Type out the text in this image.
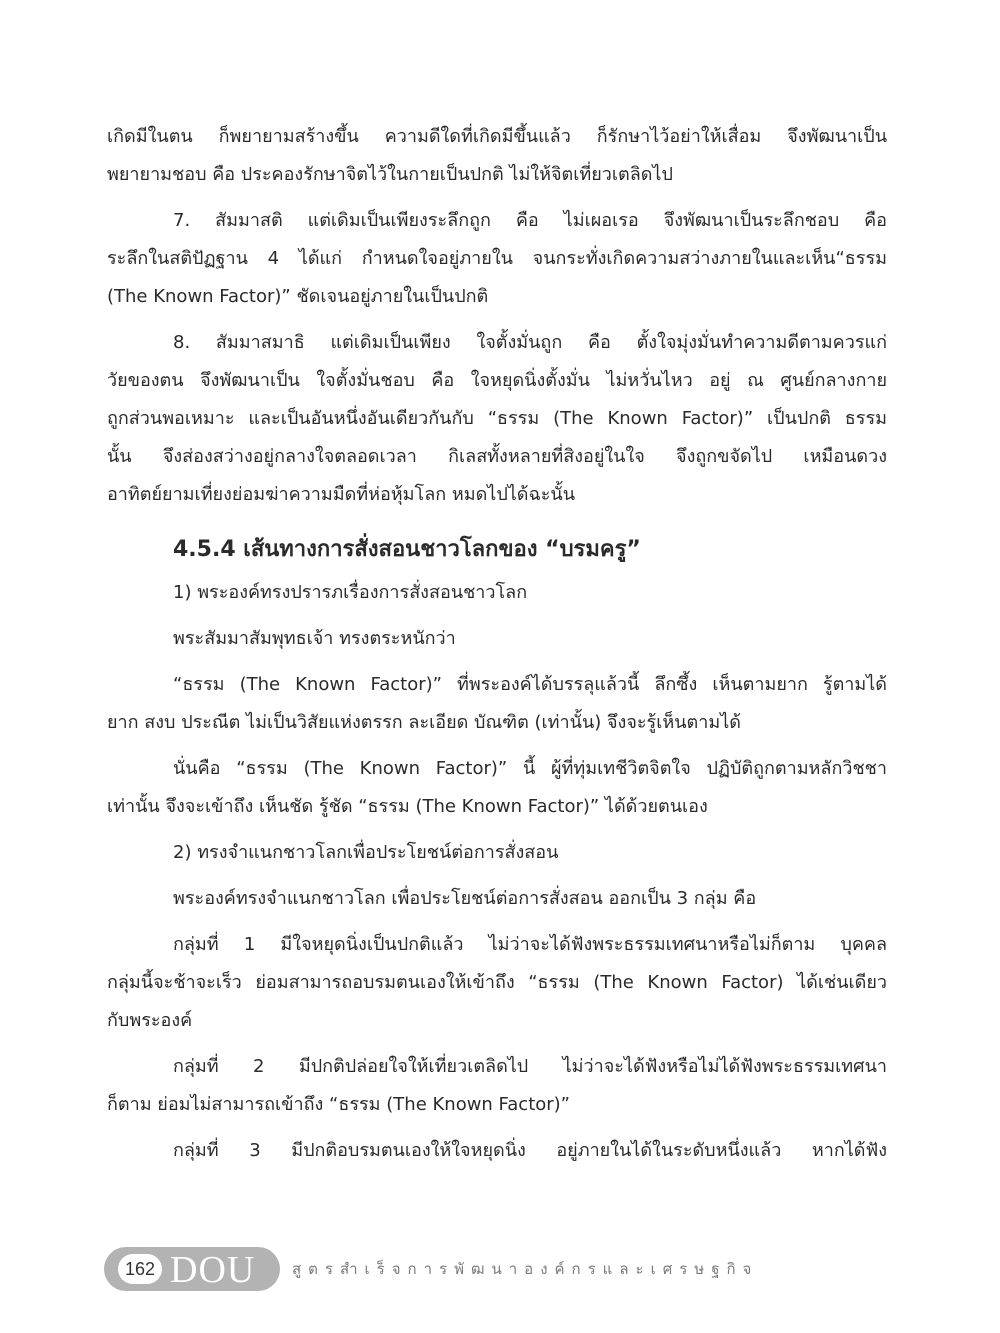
เกิดมีในตน ก็พยายามสร้างขึ้น ความดีใดที่เกิดมีขึ้นแล้ว ก็รักษาไว้อย่าให้เสื่อม จึงพัฒนาเป็น
พยายามชอบ คือ ประคองรักษาจิตไว้ในกายเป็นปกติ ไม่ให้จิตเที่ยวเตลิดไป
7. สัมมาสติ แต่เดิมเป็นเพียงระลึกถูก คือ ไม่เผอเรอ จึงพัฒนาเป็นระลึกชอบ คือ
ระลึกในสติปัฏฐาน 4 ได้แก่ กำหนดใจอยู่ภายใน จนกระทั่งเกิดความสว่างภายในและเห็น“ธรรม
(The Known Factor)” ชัดเจนอยู่ภายในเป็นปกติ
8. สัมมาสมาธิ แต่เดิมเป็นเพียง ใจตั้งมั่นถูก คือ ตั้งใจมุ่งมั่นทำความดีตามควรแก่
วัยของตน จึงพัฒนาเป็น ใจตั้งมั่นชอบ คือ ใจหยุดนิ่งตั้งมั่น ไม่หวั่นไหว อยู่ ณ ศูนย์กลางกาย
ถูกส่วนพอเหมาะ และเป็นอันหนึ่งอันเดียวกันกับ “ธรรม (The Known Factor)” เป็นปกติ ธรรม
นั้น จึงส่องสว่างอยู่กลางใจตลอดเวลา กิเลสทั้งหลายที่สิงอยู่ในใจ จึงถูกขจัดไป เหมือนดวง
อาทิตย์ยามเที่ยงย่อมฆ่าความมืดที่ห่อหุ้มโลก หมดไปได้ฉะนั้น
4.5.4 เส้นทางการสั่งสอนชาวโลกของ “บรมครู”
1) พระองค์ทรงปรารภเรื่องการสั่งสอนชาวโลก
พระสัมมาสัมพุทธเจ้า ทรงตระหนักว่า
“ธรรม (The Known Factor)” ที่พระองค์ได้บรรลุแล้วนี้ ลึกซึ้ง เห็นตามยาก รู้ตามได้
ยาก สงบ ประณีต ไม่เป็นวิสัยแห่งตรรก ละเอียด บัณฑิต (เท่านั้น) จึงจะรู้เห็นตามได้
นั่นคือ “ธรรม (The Known Factor)” นี้ ผู้ที่ทุ่มเทชีวิตจิตใจ ปฏิบัติถูกตามหลักวิชชา
เท่านั้น จึงจะเข้าถึง เห็นชัด รู้ชัด “ธรรม (The Known Factor)” ได้ด้วยตนเอง
2) ทรงจำแนกชาวโลกเพื่อประโยชน์ต่อการสั่งสอน
พระองค์ทรงจำแนกชาวโลก เพื่อประโยชน์ต่อการสั่งสอน ออกเป็น 3 กลุ่ม คือ
กลุ่มที่ 1 มีใจหยุดนิ่งเป็นปกติแล้ว ไม่ว่าจะได้ฟังพระธรรมเทศนาหรือไม่ก็ตาม บุคคล
กลุ่มนี้จะช้าจะเร็ว ย่อมสามารถอบรมตนเองให้เข้าถึง “ธรรม (The Known Factor) ได้เช่นเดียว
กับพระองค์
กลุ่มที่ 2 มีปกติปล่อยใจให้เที่ยวเตลิดไป ไม่ว่าจะได้ฟังหรือไม่ได้ฟังพระธรรมเทศนา
ก็ตาม ย่อมไม่สามารถเข้าถึง “ธรรม (The Known Factor)”
กลุ่มที่ 3 มีปกติอบรมตนเองให้ใจหยุดนิ่ง อยู่ภายในได้ในระดับหนึ่งแล้ว หากได้ฟัง
162 DOU สูตรสำเร็จการพัฒนาองค์กรและเศรษฐกิจ
